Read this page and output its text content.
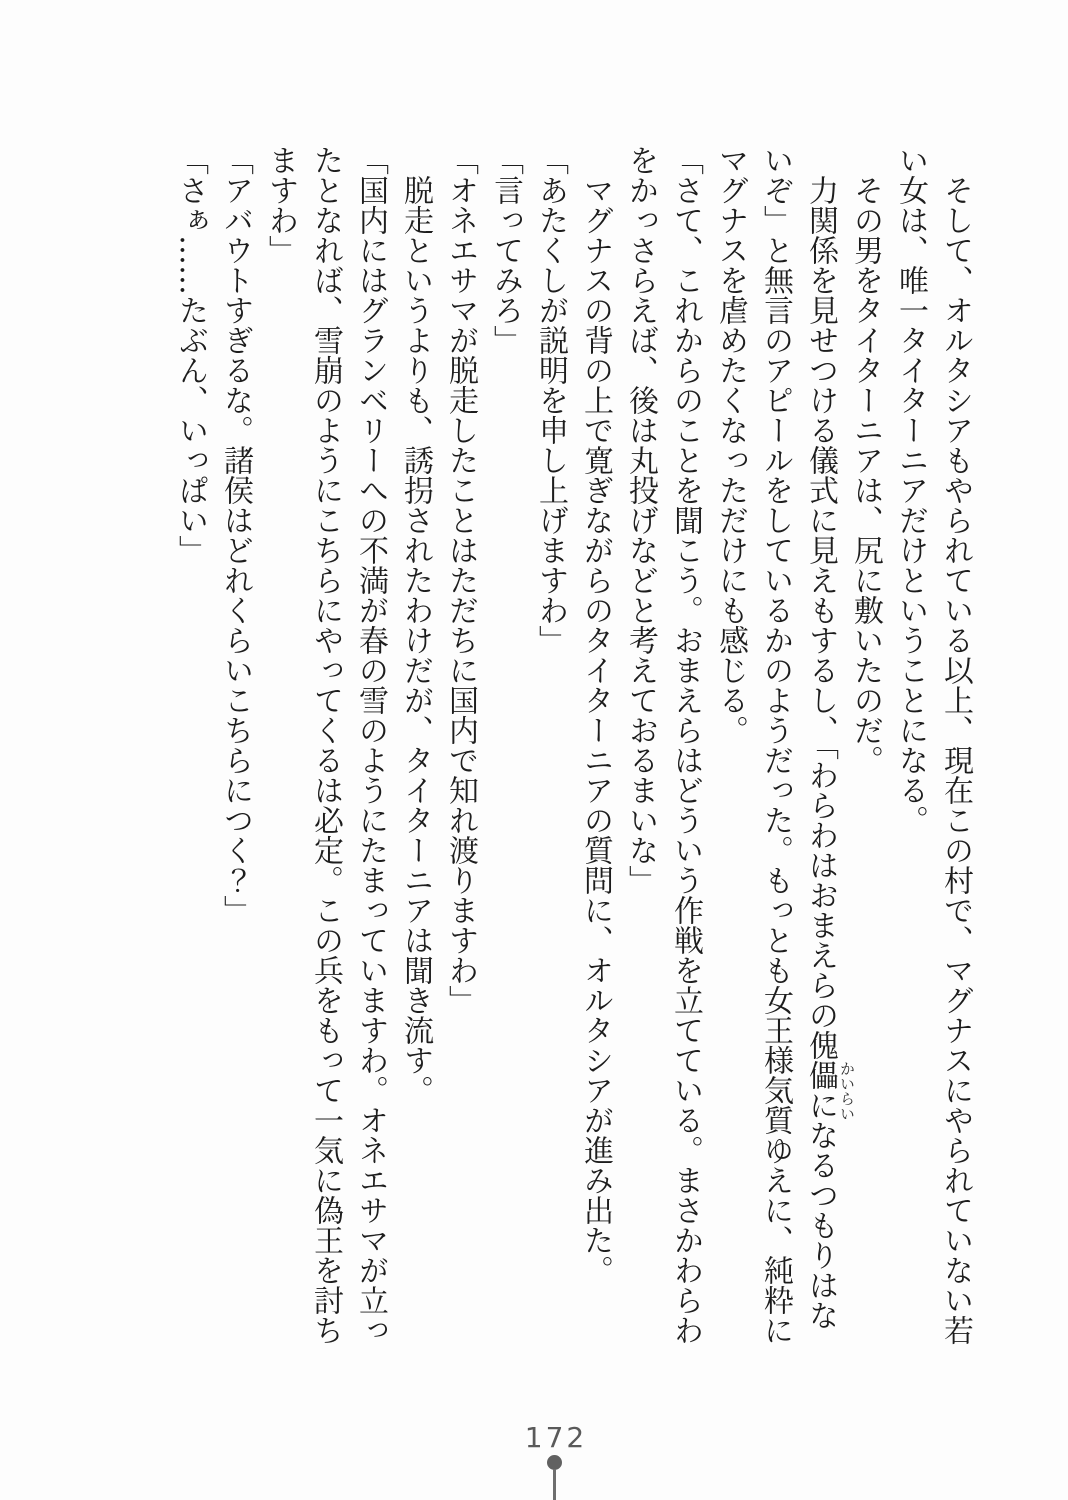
そして、オルタシアもやられている以上、現在この村で、マグナスにやられていない若い女は、唯一タイターニアだけということになる。

その男をタイターニアは、尻に敷いたのだ。

力関係を見せつける儀式に見えもするし、「わらわはおまえらの傀儡
かいらい
になるつもりはないぞ」と無言のアピールをしているかのようだった。もっとも女王様気質ゆえに、純粋にマグナスを虐めたくなっただけにも感じる。

「さて、これからのことを聞こう。おまえらはどういう作戦を立てている。まさかわらわをかっさらえば、後は丸投げなどと考えておるまいな」

マグナスの背の上で寛ぎながらのタイターニアの質問に、オルタシアが進み出た。

「あたくしが説明を申し上げますわ」

「言ってみろ」

「オネエサマが脱走したことはただちに国内で知れ渡りますわ」

脱走というよりも、誘拐されたわけだが、タイターニアは聞き流す。

「国内にはグランベリーへの不満が春の雪のようにたまっていますわ。オネエサマが立ったとなれば、雪崩のようにこちらにやってくるは必定。この兵をもって一気に偽王を討ちますわ」

「アバウトすぎるな。諸侯はどれくらいこちらにつく？」

「さぁ……たぶん、いっぱい」

172
